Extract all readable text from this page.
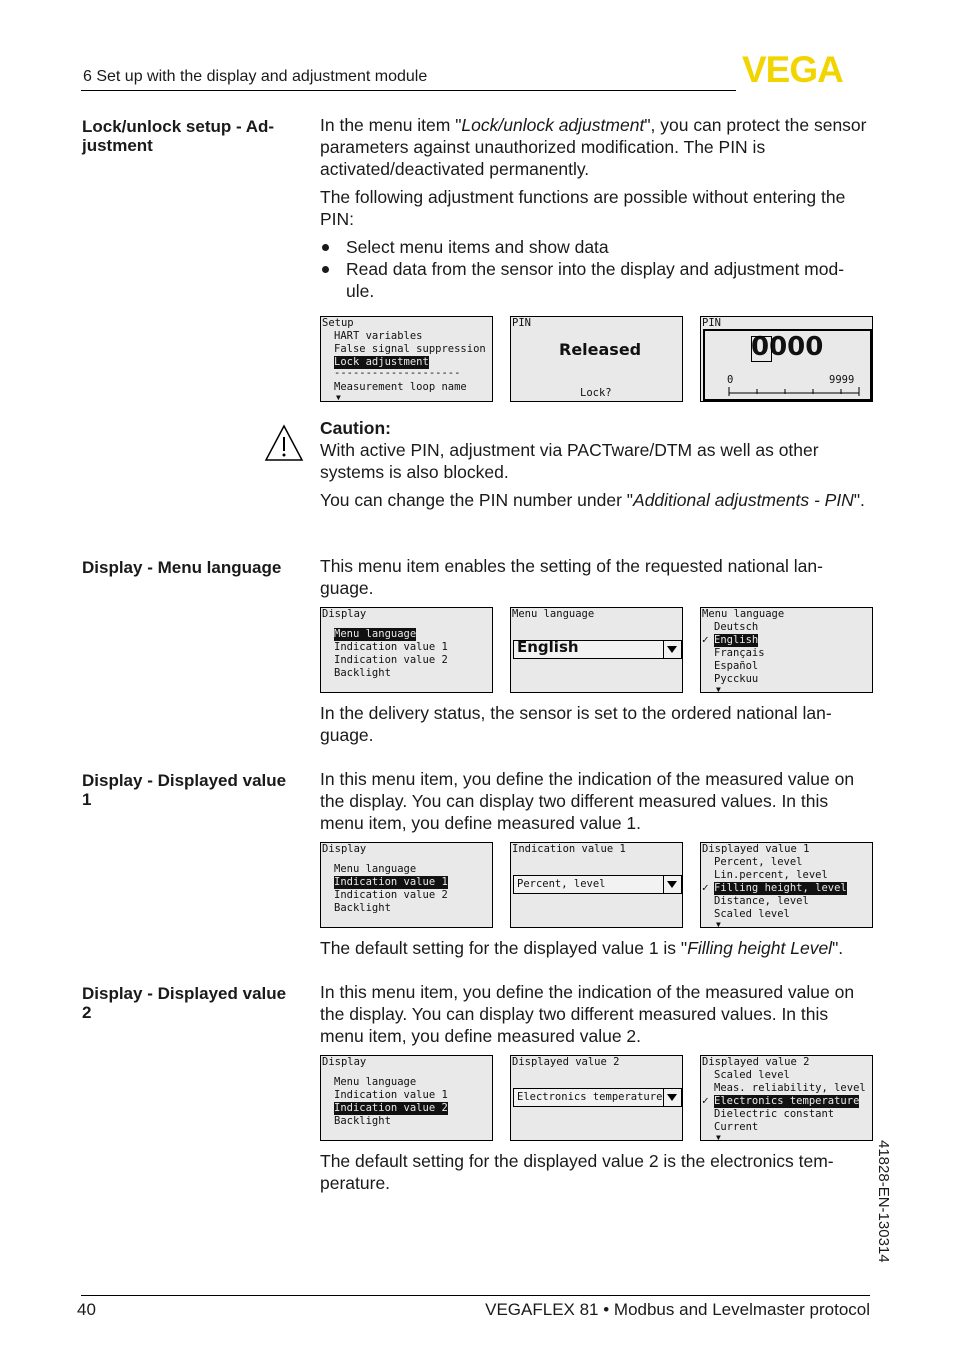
6 Set up with the display and adjustment module	VEGA
Lock/unlock setup - Ad-
justment

In the menu item "Lock/unlock adjustment", you can protect the sensor parameters against unauthorized modification. The PIN is activated/deactivated permanently.

The following adjustment functions are possible without entering the PIN:

Select menu items and show data
Read data from the sensor into the display and adjustment mod-ule.
Setup
HART variables
False signal suppression
Lock adjustment
--------------------
Measurement loop name
▼
PIN
Released
Lock?
PIN
0000
0	9999
Caution:

With active PIN, adjustment via PACTware/DTM as well as other systems is also blocked.

You can change the PIN number under "Additional adjustments - PIN".

Display - Menu language	This menu item enables the setting of the requested national lan-guage.
Display
Menu language
Indication value 1
Indication value 2
Backlight
Menu language
English
Menu language
Deutsch
✓ English
Français
Español
Pycckuu
▼
In the delivery status, the sensor is set to the ordered national lan-guage.
Display - Displayed value
1
In this menu item, you define the indication of the measured value on the display. You can display two different measured values. In this menu item, you define measured value 1.
Display
Menu language
Indication value 1
Indication value 2
Backlight
Indication value 1
Percent, level
Displayed value 1
Percent, level
Lin.percent, level
✓ Filling height, level
Distance, level
Scaled level
▼
The default setting for the displayed value 1 is "Filling height Level".
Display - Displayed value
2
In this menu item, you define the indication of the measured value on the display. You can display two different measured values. In this menu item, you define measured value 2.
Display
Menu language
Indication value 1
Indication value 2
Backlight
Displayed value 2
Electronics temperature
Displayed value 2
Scaled level
Meas. reliability, level
✓ Electronics temperature
Dielectric constant
Current
▼
The default setting for the displayed value 2 is the electronics tem-perature.	41828-EN-130314
40	VEGAFLEX 81 • Modbus and Levelmaster protocol
